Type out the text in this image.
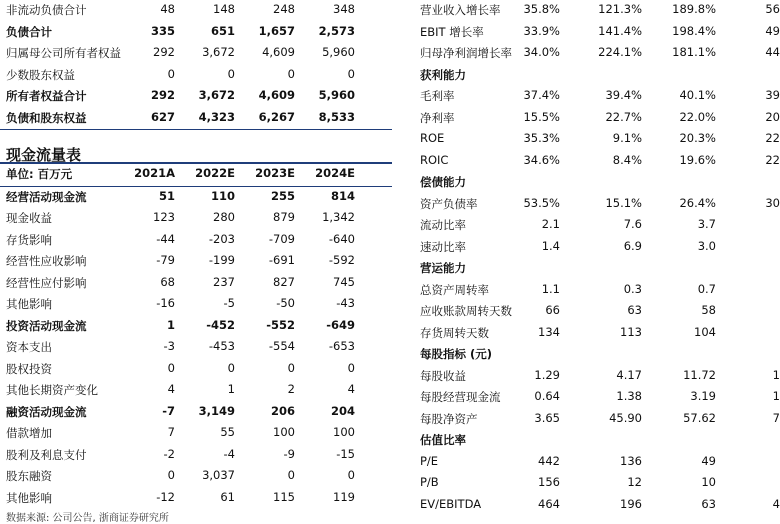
非流动负债合计	48	148	248	348
负债合计	335	651	1,657	2,573
归属母公司所有者权益	292	3,672	4,609	5,960
少数股东权益	0	0	0	0
所有者权益合计	292	3,672	4,609	5,960
负债和股东权益	627	4,323	6,267	8,533
现金流量表
单位: 百万元	2021A	2022E	2023E	2024E
经营活动现金流	51	110	255	814
现金收益	123	280	879	1,342
存货影响	-44	-203	-709	-640
经营性应收影响	-79	-199	-691	-592
经营性应付影响	68	237	827	745
其他影响	-16	-5	-50	-43
投资活动现金流	1	-452	-552	-649
资本支出	-3	-453	-554	-653
股权投资	0	0	0	0
其他长期资产变化	4	1	2	4
融资活动现金流	-7	3,149	206	204
借款增加	7	55	100	100
股利及利息支付	-2	-4	-9	-15
股东融资	0	3,037	0	0
其他影响	-12	61	115	119
营业收入增长率	35.8%	121.3%	189.8%	56
EBIT 增长率	33.9%	141.4%	198.4%	49
归母净利润增长率 34.0%	224.1%	181.1%	44
获利能力
毛利率	37.4%	39.4%	40.1%	39
净利率	15.5%	22.7%	22.0%	20
ROE	35.3%	9.1%	20.3%	22
ROIC	34.6%	8.4%	19.6%	22
偿债能力
资产负债率	53.5%	15.1%	26.4%	30
流动比率	2.1	7.6	3.7
速动比率	1.4	6.9	3.0
营运能力
总资产周转率	1.1	0.3	0.7
应收账款周转天数	66	63	58
存货周转天数	134	113	104
每股指标 (元)
每股收益	1.29	4.17	11.72	1
每股经营现金流	0.64	1.38	3.19	1
每股净资产	3.65	45.90	57.62	7
估值比率
P/E	442	136	49
P/B	156	12	10
EV/EBITDA	464	196	63	4
数据来源: 公司公告, 浙商证券研究所
